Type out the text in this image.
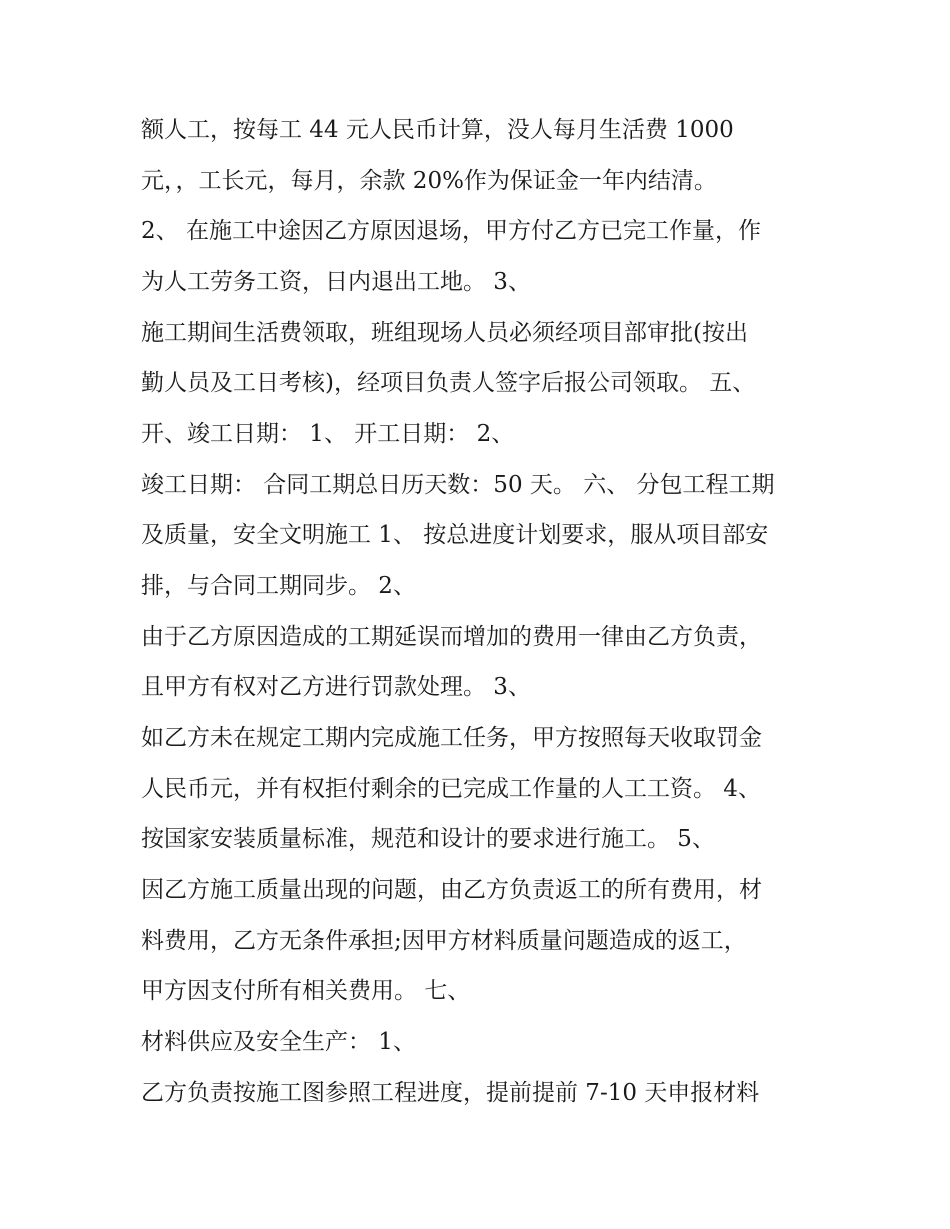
额人工，按每工 44 元人民币计算，没人每月生活费 1000

元，，工长元，每月，余款 20%作为保证金一年内结清。

2、 在施工中途因乙方原因退场，甲方付乙方已完工作量，作

为人工劳务工资，日内退出工地。 3、

施工期间生活费领取，班组现场人员必须经项目部审批(按出

勤人员及工日考核)，经项目负责人签字后报公司领取。 五、

开、竣工日期： 1、 开工日期： 2、

竣工日期： 合同工期总日历天数：50 天。 六、 分包工程工期

及质量，安全文明施工 1、 按总进度计划要求，服从项目部安

排，与合同工期同步。 2、

由于乙方原因造成的工期延误而增加的费用一律由乙方负责，

且甲方有权对乙方进行罚款处理。 3、

如乙方未在规定工期内完成施工任务，甲方按照每天收取罚金

人民币元，并有权拒付剩余的已完成工作量的人工工资。 4、

按国家安装质量标准，规范和设计的要求进行施工。 5、

因乙方施工质量出现的问题，由乙方负责返工的所有费用，材

料费用，乙方无条件承担;因甲方材料质量问题造成的返工，

甲方因支付所有相关费用。 七、

材料供应及安全生产： 1、

乙方负责按施工图参照工程进度，提前提前 7-10 天申报材料
